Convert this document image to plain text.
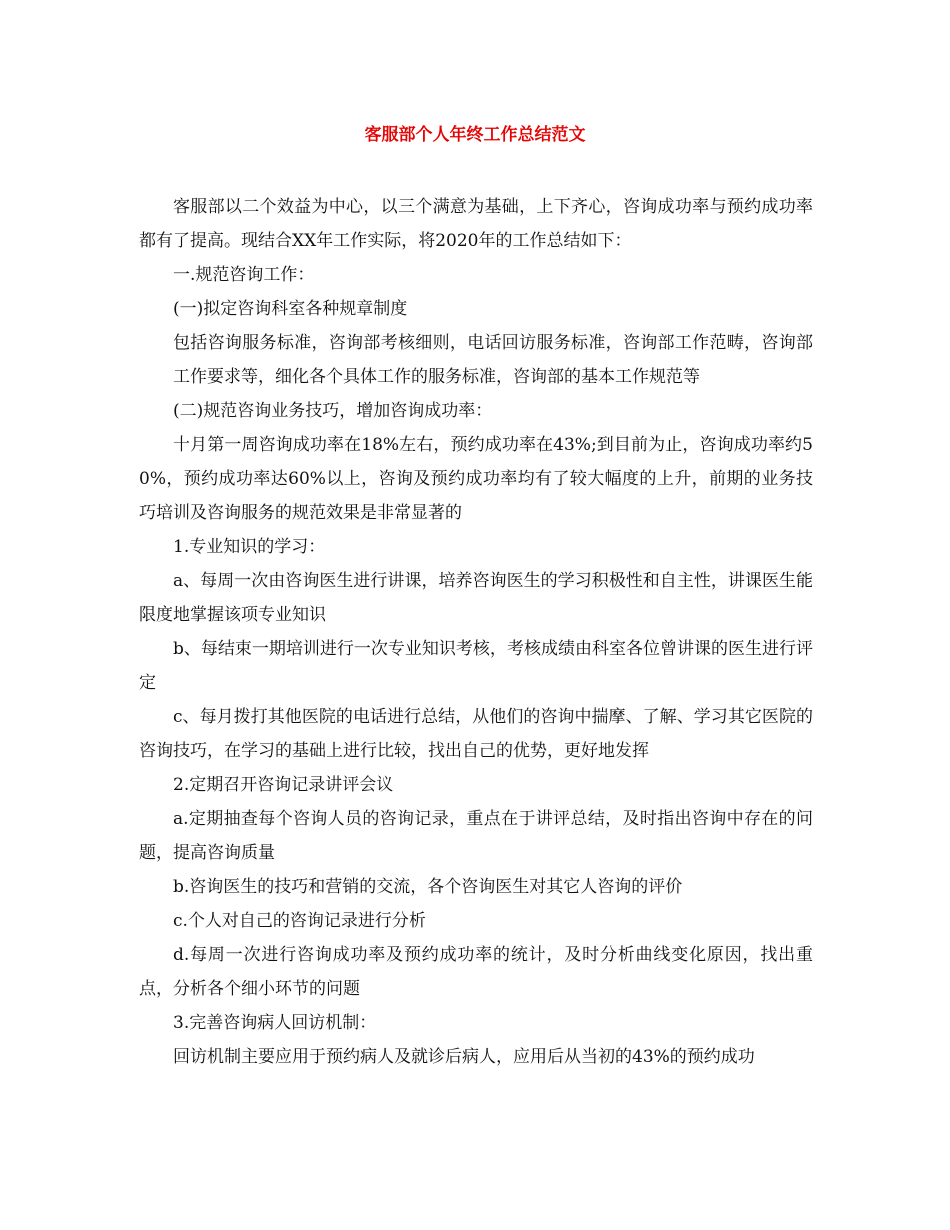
客服部个人年终工作总结范文

客服部以二个效益为中心，以三个满意为基础，上下齐心，咨询成功率与预约成功率都有了提高。现结合XX年工作实际，将2020年的工作总结如下：

一.规范咨询工作：

(一)拟定咨询科室各种规章制度

包括咨询服务标准，咨询部考核细则，电话回访服务标准，咨询部工作范畴，咨询部工作要求等，细化各个具体工作的服务标准，咨询部的基本工作规范等

(二)规范咨询业务技巧，增加咨询成功率：

十月第一周咨询成功率在18%左右，预约成功率在43%;到目前为止，咨询成功率约50%，预约成功率达60%以上，咨询及预约成功率均有了较大幅度的上升，前期的业务技巧培训及咨询服务的规范效果是非常显著的

1.专业知识的学习：

a、每周一次由咨询医生进行讲课，培养咨询医生的学习积极性和自主性，讲课医生能限度地掌握该项专业知识

b、每结束一期培训进行一次专业知识考核，考核成绩由科室各位曾讲课的医生进行评定

c、每月拨打其他医院的电话进行总结，从他们的咨询中揣摩、了解、学习其它医院的咨询技巧，在学习的基础上进行比较，找出自己的优势，更好地发挥

2.定期召开咨询记录讲评会议

a.定期抽查每个咨询人员的咨询记录，重点在于讲评总结，及时指出咨询中存在的问题，提高咨询质量

b.咨询医生的技巧和营销的交流，各个咨询医生对其它人咨询的评价

c.个人对自己的咨询记录进行分析

d.每周一次进行咨询成功率及预约成功率的统计，及时分析曲线变化原因，找出重点，分析各个细小环节的问题

3.完善咨询病人回访机制：

回访机制主要应用于预约病人及就诊后病人，应用后从当初的43%的预约成功
